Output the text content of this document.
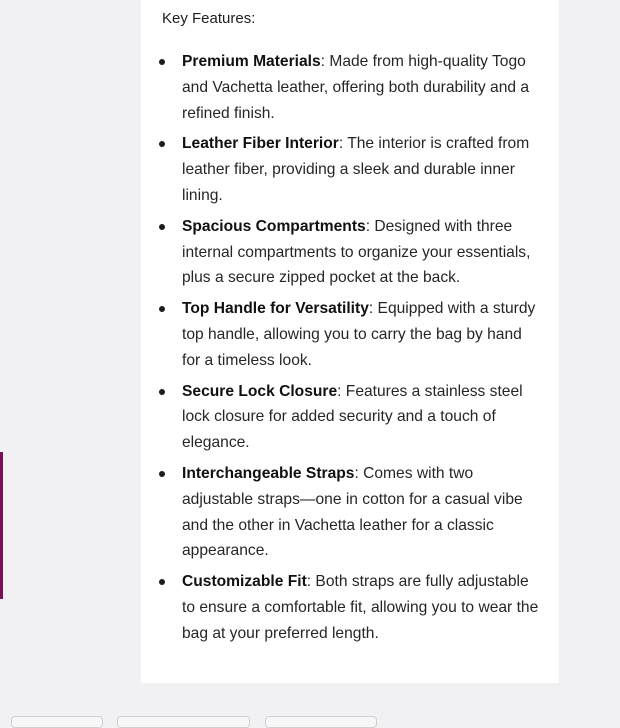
Key Features:
Premium Materials: Made from high-quality Togo and Vachetta leather, offering both durability and a refined finish.
Leather Fiber Interior: The interior is crafted from leather fiber, providing a sleek and durable inner lining.
Spacious Compartments: Designed with three internal compartments to organize your essentials, plus a secure zipped pocket at the back.
Top Handle for Versatility: Equipped with a sturdy top handle, allowing you to carry the bag by hand for a timeless look.
Secure Lock Closure: Features a stainless steel lock closure for added security and a touch of elegance.
Interchangeable Straps: Comes with two adjustable straps—one in cotton for a casual vibe and the other in Vachetta leather for a classic appearance.
Customizable Fit: Both straps are fully adjustable to ensure a comfortable fit, allowing you to wear the bag at your preferred length.
